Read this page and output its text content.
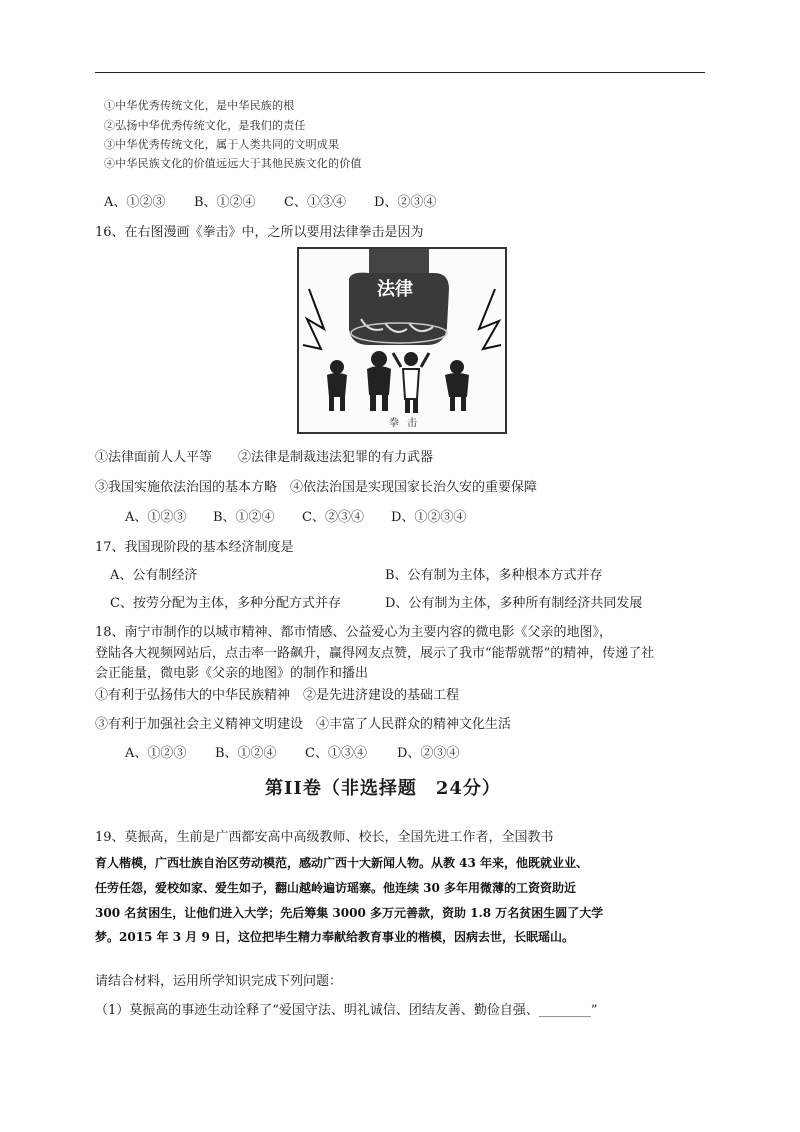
①中华优秀传统文化，是中华民族的根
②弘扬中华优秀传统文化，是我们的责任
③中华优秀传统文化，属于人类共同的文明成果
④中华民族文化的价值远远大于其他民族文化的价值
A、①②③ B、①②④ C、①③④ D、②③④
16、在右图漫画《拳击》中，之所以要用法律拳击是因为
法律
拳击
①法律面前人人平等　　②法律是制裁违法犯罪的有力武器
③我国实施依法治国的基本方略　④依法治国是实现国家长治久安的重要保障
A、①②③ B、①②④ C、②③④ D、①②③④
17、我国现阶段的基本经济制度是
A、公有制经济	B、公有制为主体，多种根本方式并存
C、按劳分配为主体，多种分配方式并存	D、公有制为主体，多种所有制经济共同发展
18、南宁市制作的以城市精神、都市情感、公益爱心为主要内容的微电影《父亲的地图》，
登陆各大视频网站后，点击率一路飙升，赢得网友点赞，展示了我市“能帮就帮”的精神，传递了社
会正能量，微电影《父亲的地图》的制作和播出
①有利于弘扬伟大的中华民族精神　②是先进济建设的基础工程
③有利于加强社会主义精神文明建设　④丰富了人民群众的精神文化生活
A、①②③ B、①②④ C、①③④ D、②③④
第II卷（非选择题　24分）
19、莫振高，生前是广西都安高中高级教师、校长，全国先进工作者，全国教书
育人楷模，广西壮族自治区劳动模范，感动广西十大新闻人物。从教 43 年来，他既就业业、
任劳任怨，爱校如家、爱生如子，翻山越岭遍访瑶寨。他连续 30 多年用微薄的工资资助近
300 名贫困生，让他们进入大学；先后筹集 3000 多万元善款，资助 1.8 万名贫困生圆了大学
梦。2015 年 3 月 9 日，这位把毕生精力奉献给教育事业的楷模，因病去世，长眠瑶山。
请结合材料，运用所学知识完成下列问题：
（1）莫振高的事迹生动诠释了“爱国守法、明礼诚信、团结友善、勤俭自强、________”
